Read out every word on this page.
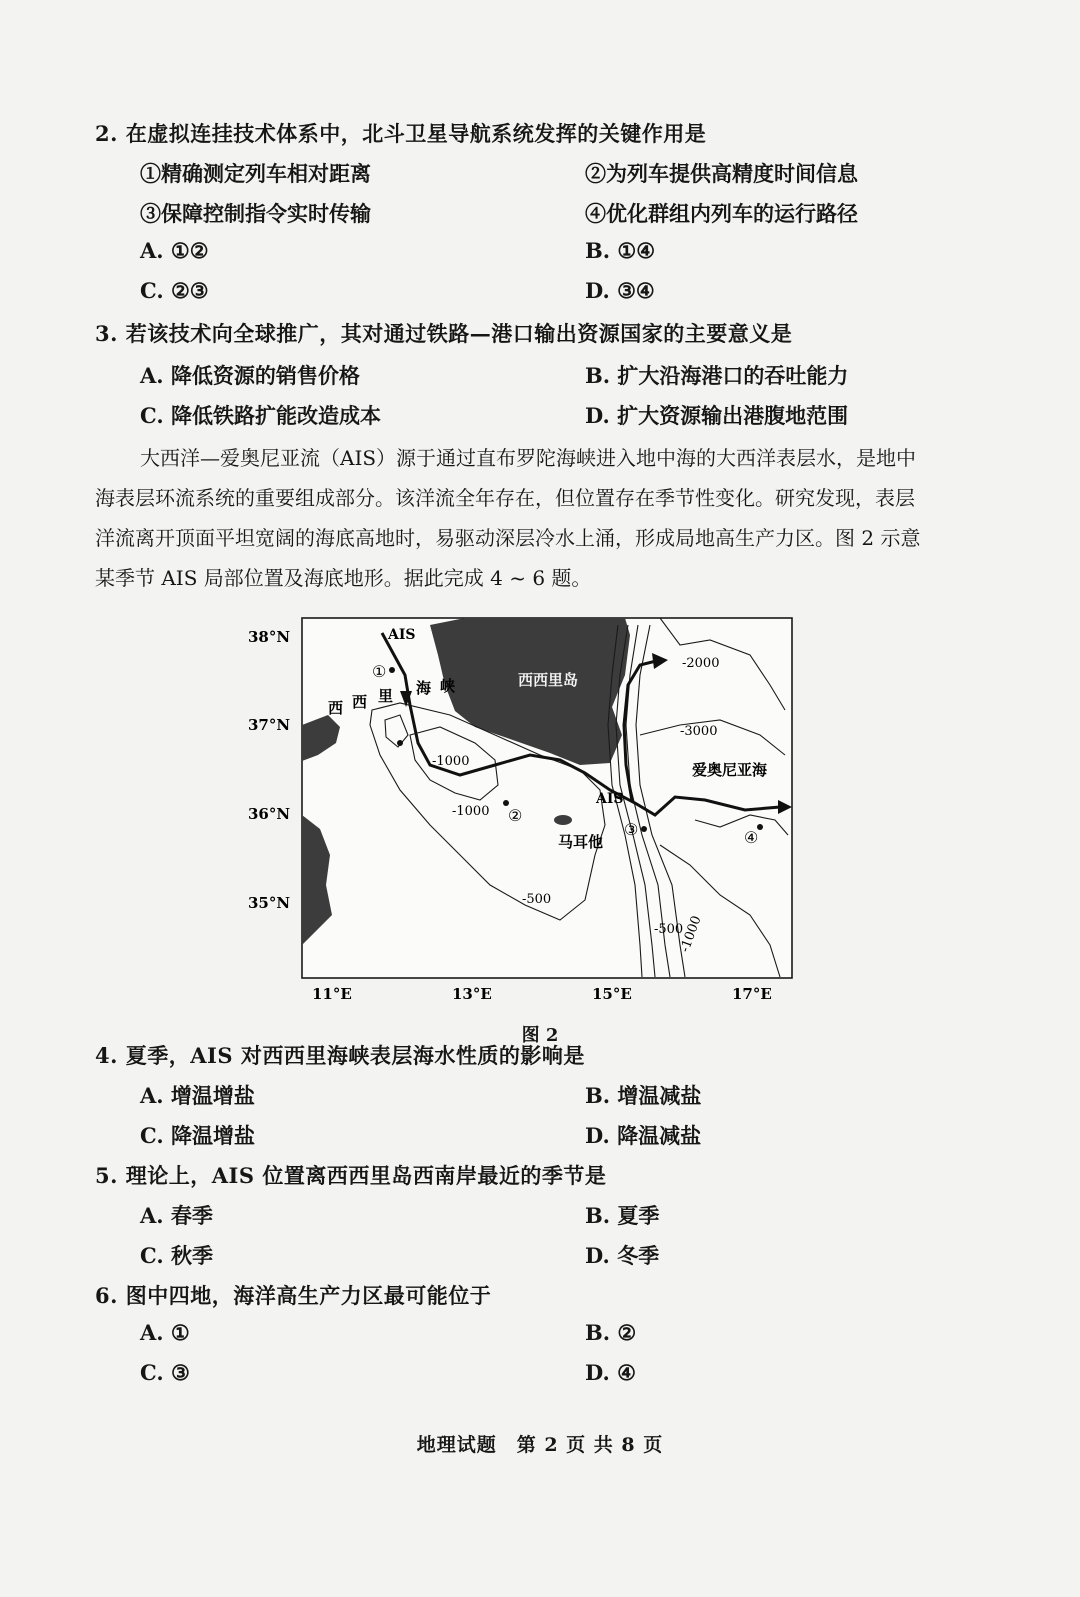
2. 在虚拟连挂技术体系中，北斗卫星导航系统发挥的关键作用是
①精确测定列车相对距离	②为列车提供高精度时间信息
③保障控制指令实时传输	④优化群组内列车的运行路径
A. ①②	B. ①④
C. ②③	D. ③④
3. 若该技术向全球推广，其对通过铁路—港口输出资源国家的主要意义是
A. 降低资源的销售价格	B. 扩大沿海港口的吞吐能力
C. 降低铁路扩能改造成本	D. 扩大资源输出港腹地范围

大西洋—爱奥尼亚流（AIS）源于通过直布罗陀海峡进入地中海的大西洋表层水，是地中

海表层环流系统的重要组成部分。该洋流全年存在，但位置存在季节性变化。研究发现，表层

洋流离开顶面平坦宽阔的海底高地时，易驱动深层冷水上涌，形成局地高生产力区。图 2 示意

某季节 AIS 局部位置及海底地形。据此完成 4 ~ 6 题。

38°N
37°N
36°N
35°N
11°E	13°E	15°E	17°E
AIS
AIS
西 西 里 海 峡	西西里岛
马耳他
爱奥尼亚海
-2000
-3000
-1000
-1000
-500
-500
-1000
①
②
③	④
图 2
4. 夏季，AIS 对西西里海峡表层海水性质的影响是
A. 增温增盐	B. 增温减盐
C. 降温增盐	D. 降温减盐
5. 理论上，AIS 位置离西西里岛西南岸最近的季节是
A. 春季	B. 夏季
C. 秋季	D. 冬季
6. 图中四地，海洋高生产力区最可能位于
A. ①	B. ②
C. ③	D. ④
地理试题　第 2 页 共 8 页
